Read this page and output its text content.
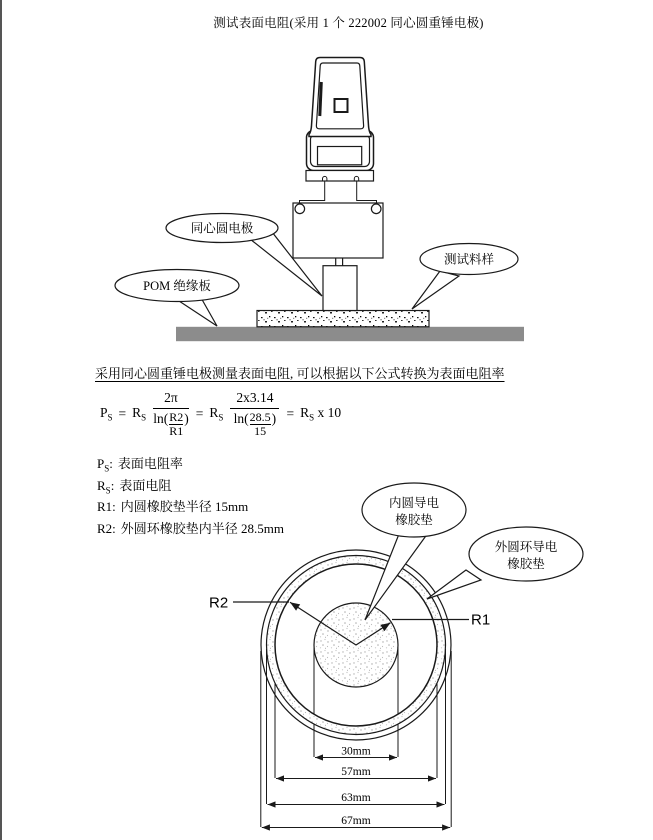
测试表面电阻(采用 1 个 222002 同心圆重锤电极)
同心圆电极
POM 绝缘板
测试料样
采用同心圆重锤电极测量表面电阻, 可以根据以下公式转换为表面电阻率
$P_S = R_S$ 2π
ln( R2
R1
) = $R_S$ 2x3.14
ln( 28.5
15
) = $R_S$ x 10
$P_S$: 表面电阻率
$R_S$: 表面电阻
R1: 内圆橡胶垫半径 15mm
R2: 外圆环橡胶垫内半径 28.5mm
R2
R1
30mm
57mm
63mm
67mm
内圆导电
橡胶垫
外圆环导电
橡胶垫
